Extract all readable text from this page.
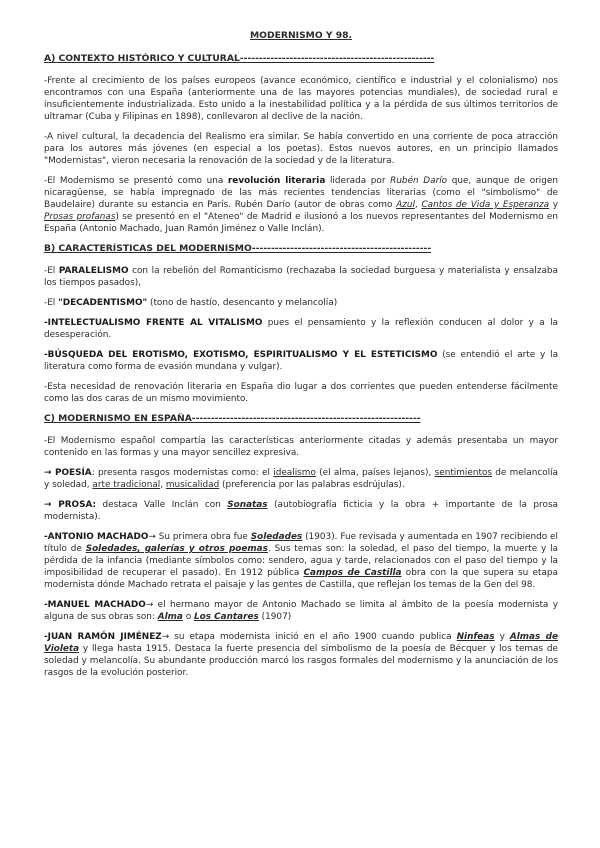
MODERNISMO Y 98.
A) CONTEXTO HISTÓRICO Y CULTURAL---------------------------------------------------

-Frente al crecimiento de los países europeos (avance económico, científico e industrial y el colonialismo) nos encontramos con una España (anteriormente una de las mayores potencias mundiales), de sociedad rural e insuficientemente industrializada. Esto unido a la inestabilidad política y a la pérdida de sus últimos territorios de ultramar (Cuba y Filipinas en 1898), conllevaron al declive de la nación.

-A nivel cultural, la decadencia del Realismo era similar. Se había convertido en una corriente de poca atracción para los autores más jóvenes (en especial a los poetas). Estos nuevos autores, en un principio llamados "Modernistas", vieron necesaria la renovación de la sociedad y de la literatura.

-El Modernismo se presentó como una revolución literaria liderada por Rubén Darío que, aunque de origen nicaragüense, se había impregnado de las más recientes tendencias literarias (como el "simbolismo" de Baudelaire) durante su estancia en París. Rubén Darío (autor de obras como Azul, Cantos de Vida y Esperanza y Prosas profanas) se presentó en el "Ateneo" de Madrid e ilusionó a los nuevos representantes del Modernismo en España (Antonio Machado, Juan Ramón Jiménez o Valle Inclán).

B) CARACTERÍSTICAS DEL MODERNISMO-----------------------------------------------

-El PARALELISMO con la rebelión del Romanticismo (rechazaba la sociedad burguesa y materialista y ensalzaba los tiempos pasados),

-El "DECADENTISMO" (tono de hastío, desencanto y melancolía)

-INTELECTUALISMO FRENTE AL VITALISMO pues el pensamiento y la reflexión conducen al dolor y a la desesperación.

-BÚSQUEDA DEL EROTISMO, EXOTISMO, ESPIRITUALISMO Y EL ESTETICISMO (se entendió el arte y la literatura como forma de evasión mundana y vulgar).

-Esta necesidad de renovación literaria en España dio lugar a dos corrientes que pueden entenderse fácilmente como las dos caras de un mismo movimiento.

C) MODERNISMO EN ESPAÑA------------------------------------------------------------

-El Modernismo español compartía las características anteriormente citadas y además presentaba un mayor contenido en las formas y una mayor sencillez expresiva.

→ POESÍA: presenta rasgos modernistas como: el idealismo (el alma, países lejanos), sentimientos de melancolía y soledad, arte tradicional, musicalidad (preferencia por las palabras esdrújulas).

→ PROSA: destaca Valle Inclán con Sonatas (autobiografía ficticia y la obra + importante de la prosa modernista).

-ANTONIO MACHADO→ Su primera obra fue Soledades (1903). Fue revisada y aumentada en 1907 recibiendo el título de Soledades, galerías y otros poemas. Sus temas son: la soledad, el paso del tiempo, la muerte y la pérdida de la infancia (mediante símbolos como: sendero, agua y tarde, relacionados con el paso del tiempo y la imposibilidad de recuperar el pasado). En 1912 pública Campos de Castilla obra con la que supera su etapa modernista dónde Machado retrata el paisaje y las gentes de Castilla, que reflejan los temas de la Gen del 98.

-MANUEL MACHADO→ el hermano mayor de Antonio Machado se limita al ámbito de la poesía modernista y alguna de sus obras son: Alma o Los Cantares (1907)

-JUAN RAMÓN JIMÉNEZ→ su etapa modernista inició en el año 1900 cuando publica Ninfeas y Almas de Violeta y llega hasta 1915. Destaca la fuerte presencia del simbolismo de la poesía de Bécquer y los temas de soledad y melancolía. Su abundante producción marcó los rasgos formales del modernismo y la anunciación de los rasgos de la evolución posterior.
